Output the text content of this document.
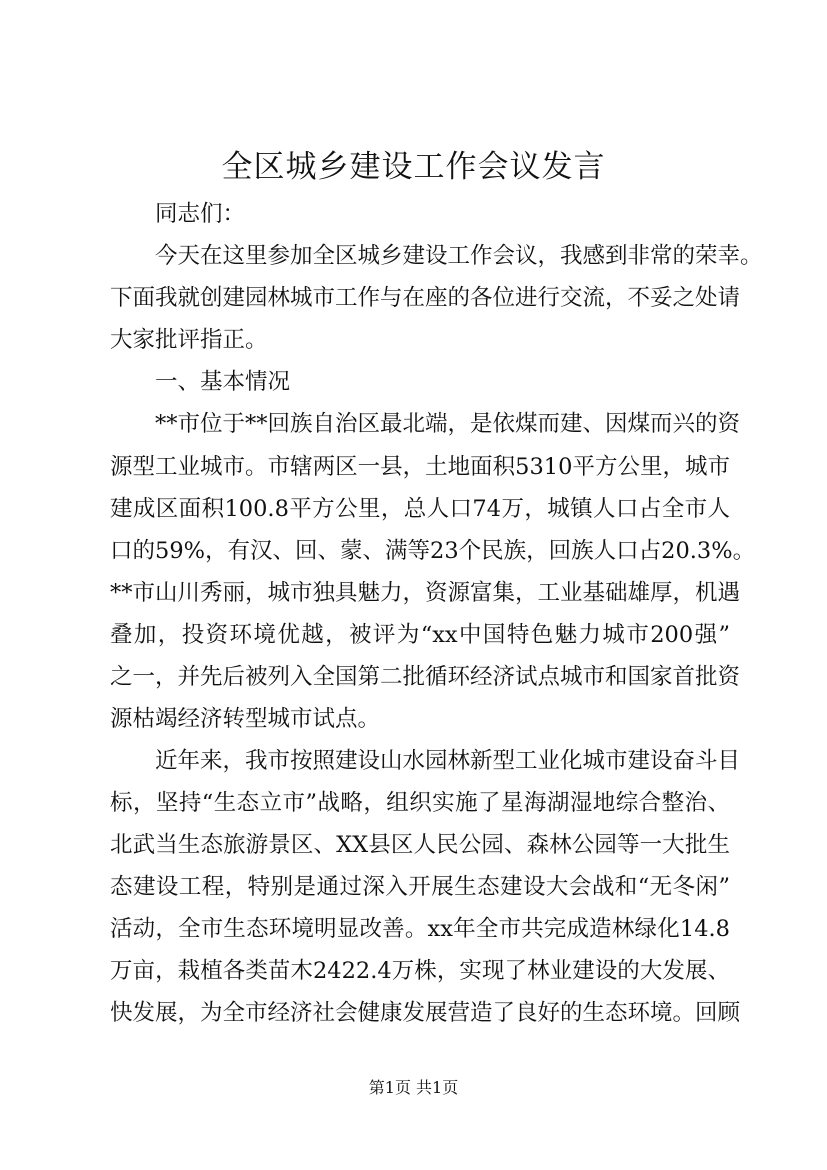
全区城乡建设工作会议发言

同志们：

今天在这里参加全区城乡建设工作会议，我感到非常的荣幸。

下面我就创建园林城市工作与在座的各位进行交流，不妥之处请

大家批评指正。

一、基本情况

**市位于**回族自治区最北端，是依煤而建、因煤而兴的资

源型工业城市。市辖两区一县，土地面积5310平方公里，城市

建成区面积100.8平方公里，总人口74万，城镇人口占全市人

口的59%，有汉、回、蒙、满等23个民族，回族人口占20.3%。

**市山川秀丽，城市独具魅力，资源富集，工业基础雄厚，机遇

叠加，投资环境优越，被评为“xx中国特色魅力城市200强”

之一，并先后被列入全国第二批循环经济试点城市和国家首批资

源枯竭经济转型城市试点。

近年来，我市按照建设山水园林新型工业化城市建设奋斗目

标，坚持“生态立市”战略，组织实施了星海湖湿地综合整治、

北武当生态旅游景区、XX县区人民公园、森林公园等一大批生

态建设工程，特别是通过深入开展生态建设大会战和“无冬闲”

活动，全市生态环境明显改善。xx年全市共完成造林绿化14.8

万亩，栽植各类苗木2422.4万株，实现了林业建设的大发展、

快发展，为全市经济社会健康发展营造了良好的生态环境。回顾

第1页 共1页
